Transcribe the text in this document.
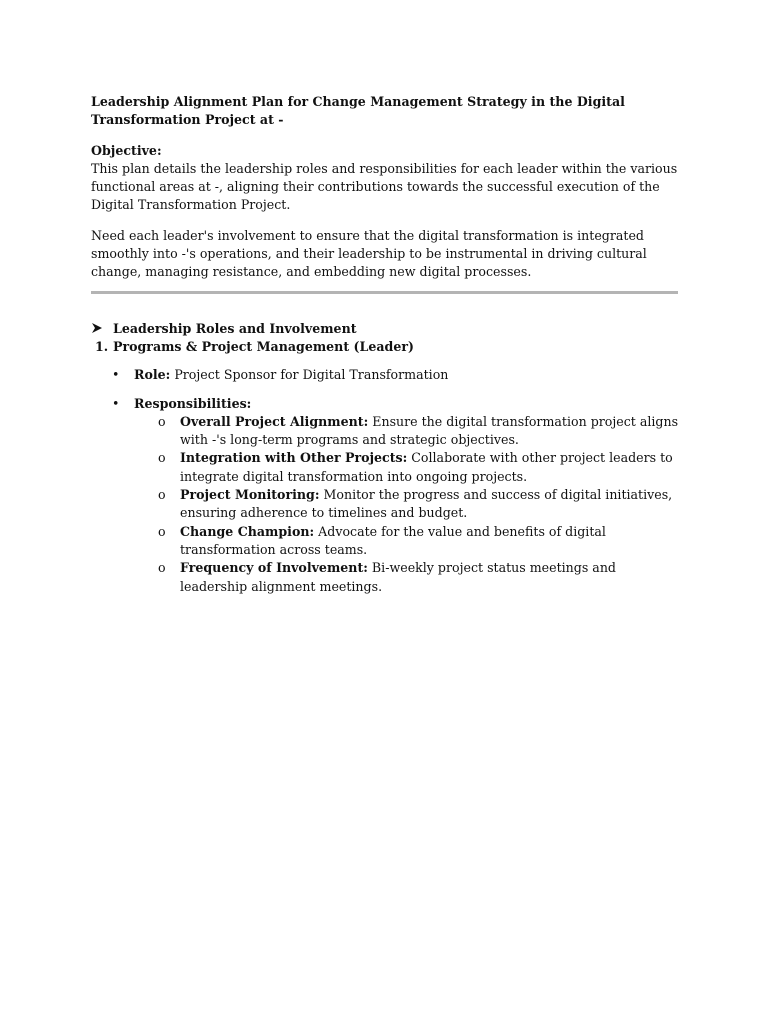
Leadership Alignment Plan for Change Management Strategy in the Digital Transformation Project at -

Objective:

This plan details the leadership roles and responsibilities for each leader within the various functional areas at -, aligning their contributions towards the successful execution of the Digital Transformation Project.

Need each leader's involvement to ensure that the digital transformation is integrated smoothly into -'s operations, and their leadership to be instrumental in driving cultural change, managing resistance, and embedding new digital processes.

Leadership Roles and Involvement
1. Programs & Project Management (Leader)
•	Role: Project Sponsor for Digital Transformation
•	Responsibilities:
o	Overall Project Alignment: Ensure the digital transformation project aligns with -'s long-term programs and strategic objectives.
o	Integration with Other Projects: Collaborate with other project leaders to integrate digital transformation into ongoing projects.
o	Project Monitoring: Monitor the progress and success of digital initiatives, ensuring adherence to timelines and budget.
o	Change Champion: Advocate for the value and benefits of digital transformation across teams.
o	Frequency of Involvement: Bi-weekly project status meetings and leadership alignment meetings.
